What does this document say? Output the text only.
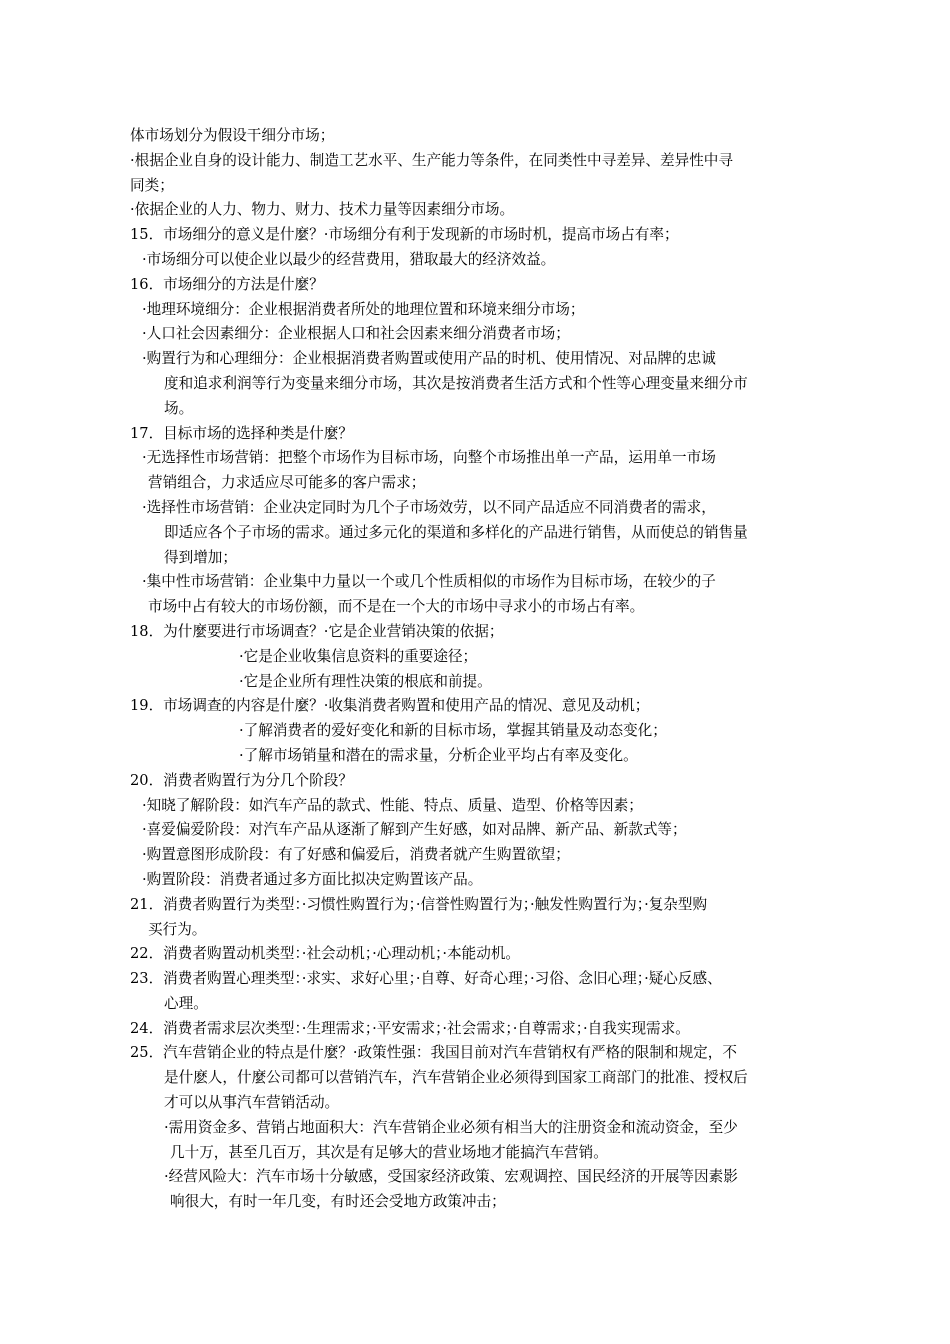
体市场划分为假设干细分市场；
·根据企业自身的设计能力、制造工艺水平、生产能力等条件，在同类性中寻差异、差异性中寻
同类；
·依据企业的人力、物力、财力、技术力量等因素细分市场。
15．市场细分的意义是什麼？·市场细分有利于发现新的市场时机，提高市场占有率；
·市场细分可以使企业以最少的经营费用，猎取最大的经济效益。
16．市场细分的方法是什麼？
·地理环境细分：企业根据消费者所处的地理位置和环境来细分市场；
·人口社会因素细分：企业根据人口和社会因素来细分消费者市场；
·购置行为和心理细分：企业根据消费者购置或使用产品的时机、使用情况、对品牌的忠诚
度和追求利润等行为变量来细分市场，其次是按消费者生活方式和个性等心理变量来细分市
场。
17．目标市场的选择种类是什麼？
·无选择性市场营销：把整个市场作为目标市场，向整个市场推出单一产品，运用单一市场
营销组合，力求适应尽可能多的客户需求；
·选择性市场营销：企业决定同时为几个子市场效劳，以不同产品适应不同消费者的需求，
即适应各个子市场的需求。通过多元化的渠道和多样化的产品进行销售，从而使总的销售量
得到增加；
·集中性市场营销：企业集中力量以一个或几个性质相似的市场作为目标市场，在较少的子
市场中占有较大的市场份额，而不是在一个大的市场中寻求小的市场占有率。
18．为什麼要进行市场调查？·它是企业营销决策的依据；
·它是企业收集信息资料的重要途径；
·它是企业所有理性决策的根底和前提。
19．市场调查的内容是什麼？·收集消费者购置和使用产品的情况、意见及动机；
·了解消费者的爱好变化和新的目标市场，掌握其销量及动态变化；
·了解市场销量和潜在的需求量，分析企业平均占有率及变化。
20．消费者购置行为分几个阶段？
·知晓了解阶段：如汽车产品的款式、性能、特点、质量、造型、价格等因素；
·喜爱偏爱阶段：对汽车产品从逐渐了解到产生好感，如对品牌、新产品、新款式等；
·购置意图形成阶段：有了好感和偏爱后，消费者就产生购置欲望；
·购置阶段：消费者通过多方面比拟决定购置该产品。
21．消费者购置行为类型：·习惯性购置行为；·信誉性购置行为；·触发性购置行为；·复杂型购
买行为。
22．消费者购置动机类型：·社会动机；·心理动机；·本能动机。
23．消费者购置心理类型：·求实、求好心里；·自尊、好奇心理；·习俗、念旧心理；·疑心反感、
心理。
24．消费者需求层次类型：·生理需求；·平安需求；·社会需求；·自尊需求；·自我实现需求。
25．汽车营销企业的特点是什麼？·政策性强：我国目前对汽车营销权有严格的限制和规定，不
是什麽人，什麼公司都可以营销汽车，汽车营销企业必须得到国家工商部门的批准、授权后
才可以从事汽车营销活动。
·需用资金多、营销占地面积大：汽车营销企业必须有相当大的注册资金和流动资金，至少
几十万，甚至几百万，其次是有足够大的营业场地才能搞汽车营销。
·经营风险大：汽车市场十分敏感，受国家经济政策、宏观调控、国民经济的开展等因素影
响很大，有时一年几变，有时还会受地方政策冲击；
